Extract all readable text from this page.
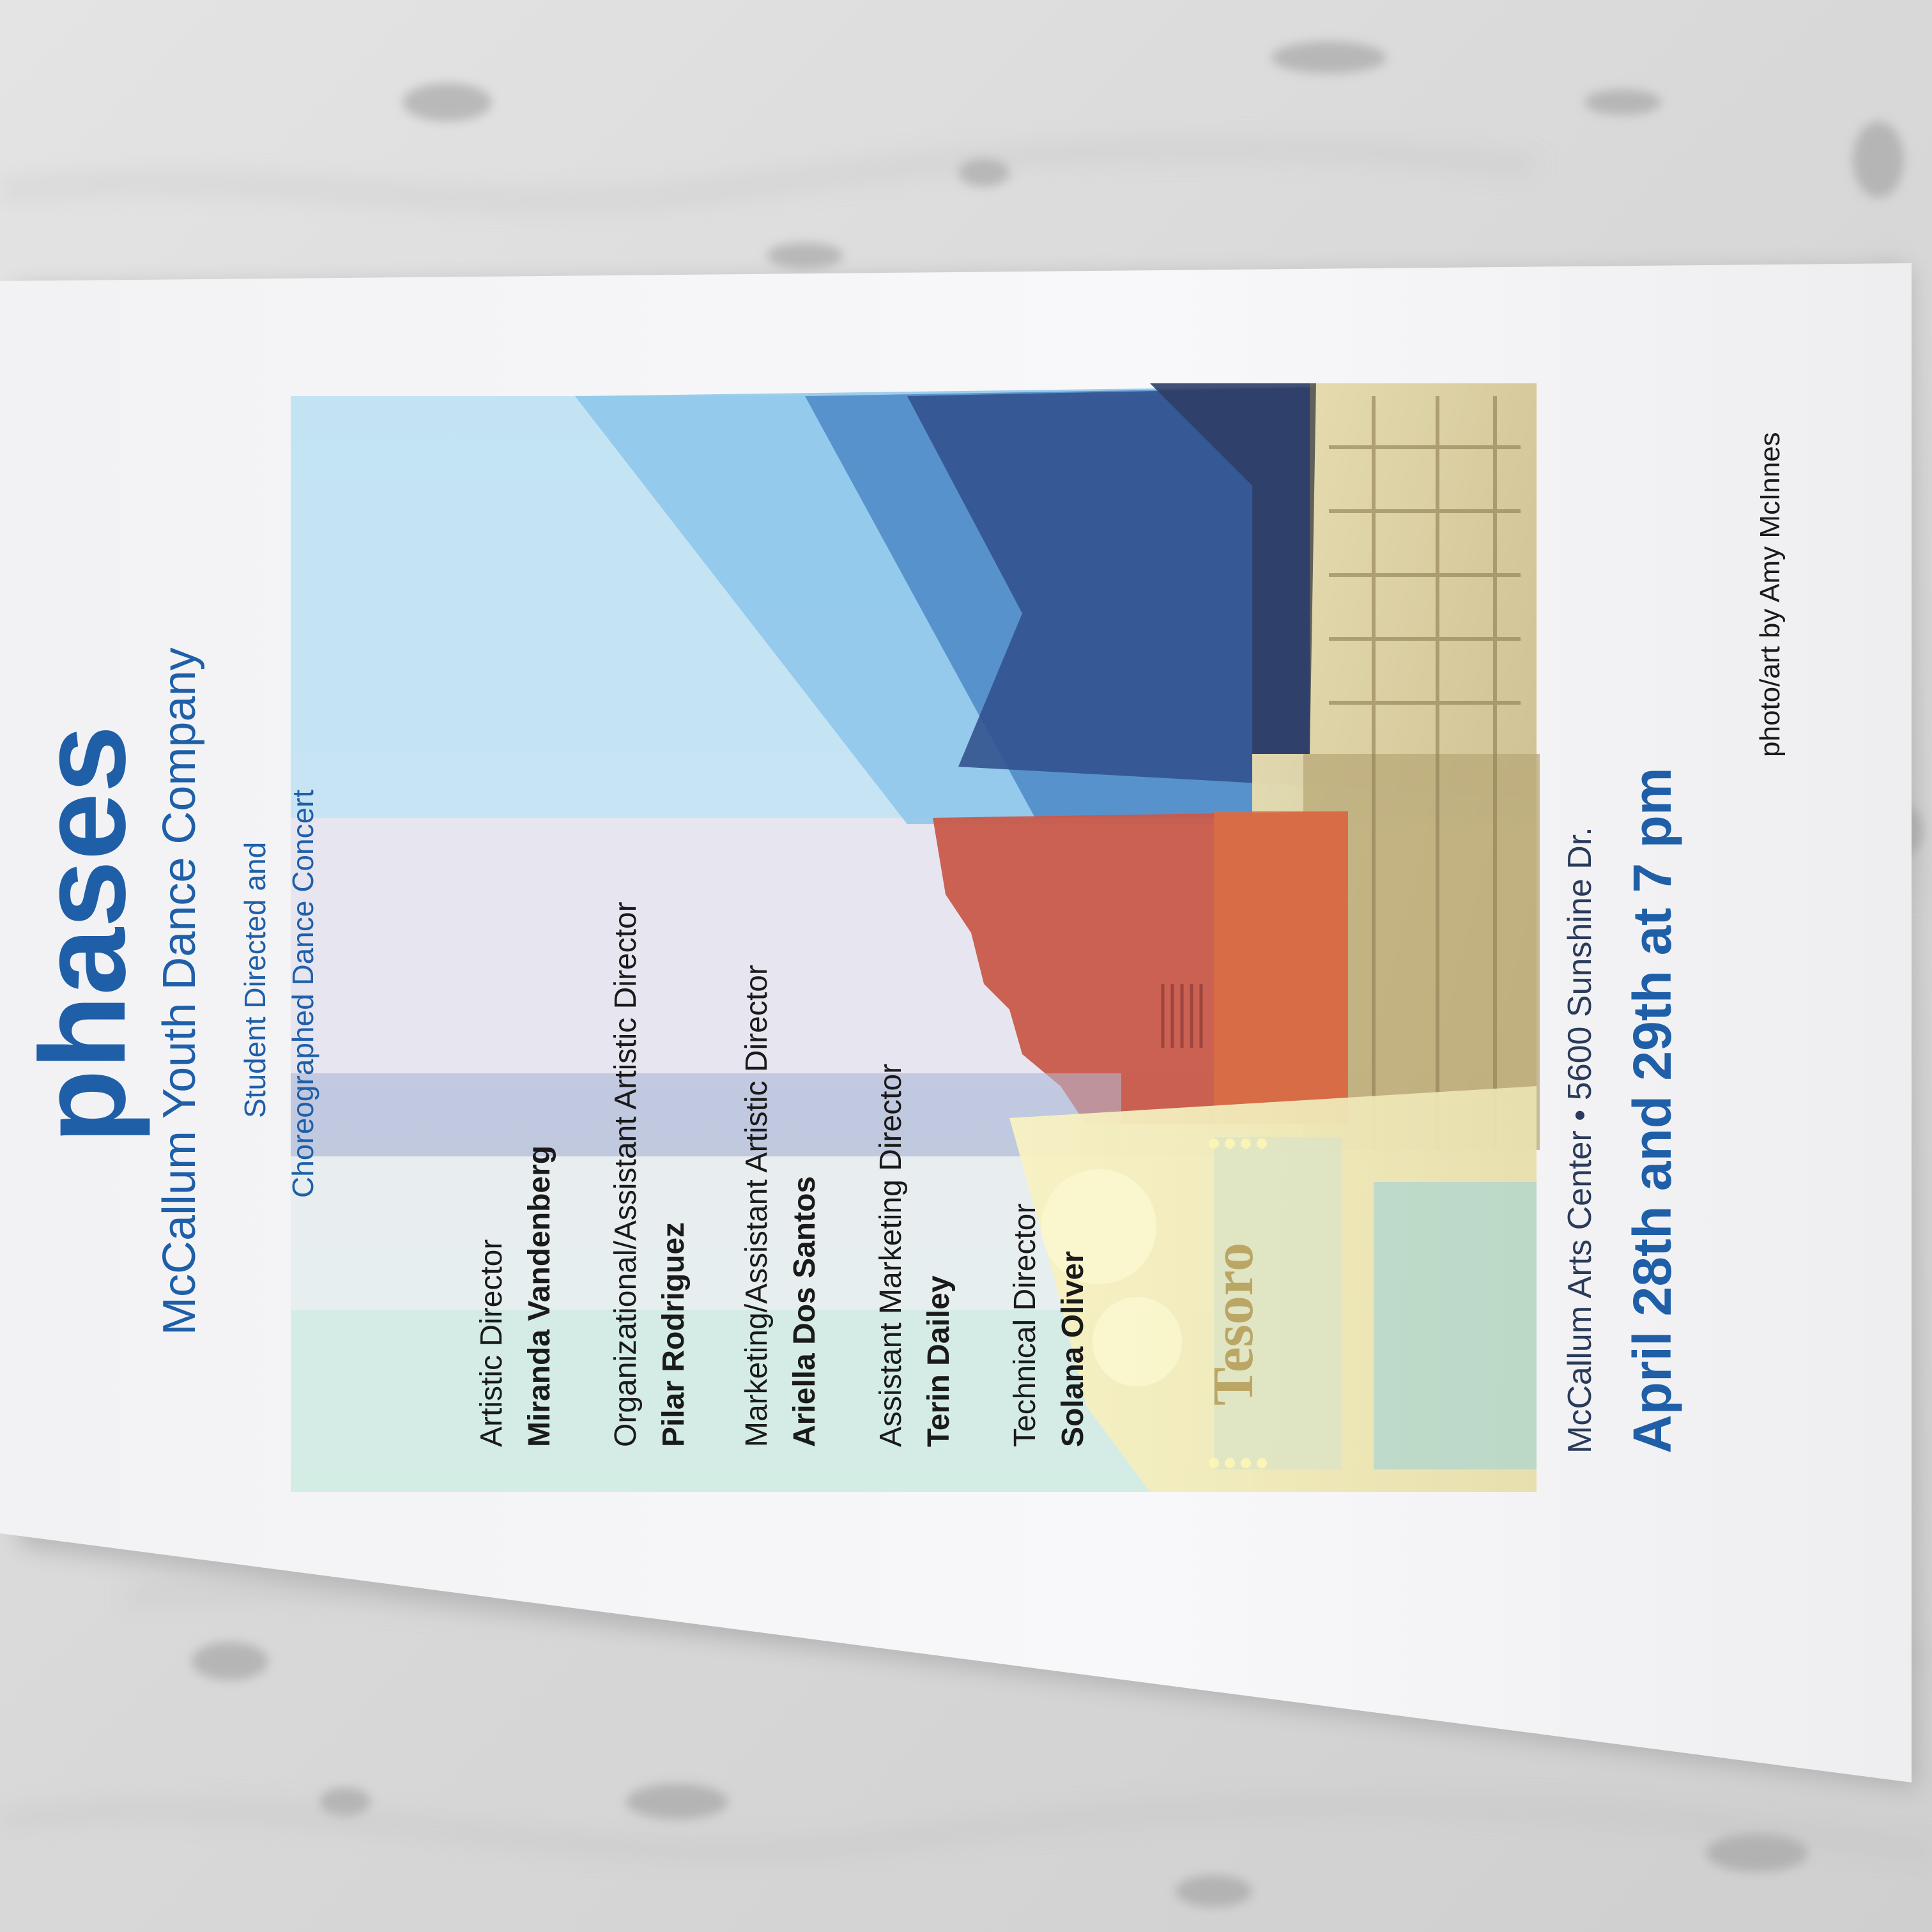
Tesoro
phases McCallum Youth Dance Company Student Directed and Choreographed Dance Concert
Artistic Director Miranda Vandenberg Organizational/Assistant Artistic Director Pilar Rodriguez Marketing/Assistant Artistic Director Ariella Dos Santos Assistant Marketing Director Terin Dailey Technical Director Solana Oliver	McCallum Arts Center • 5600 Sunshine Dr. April 28th and 29th at 7 pm
photo/art by Amy McInnes
